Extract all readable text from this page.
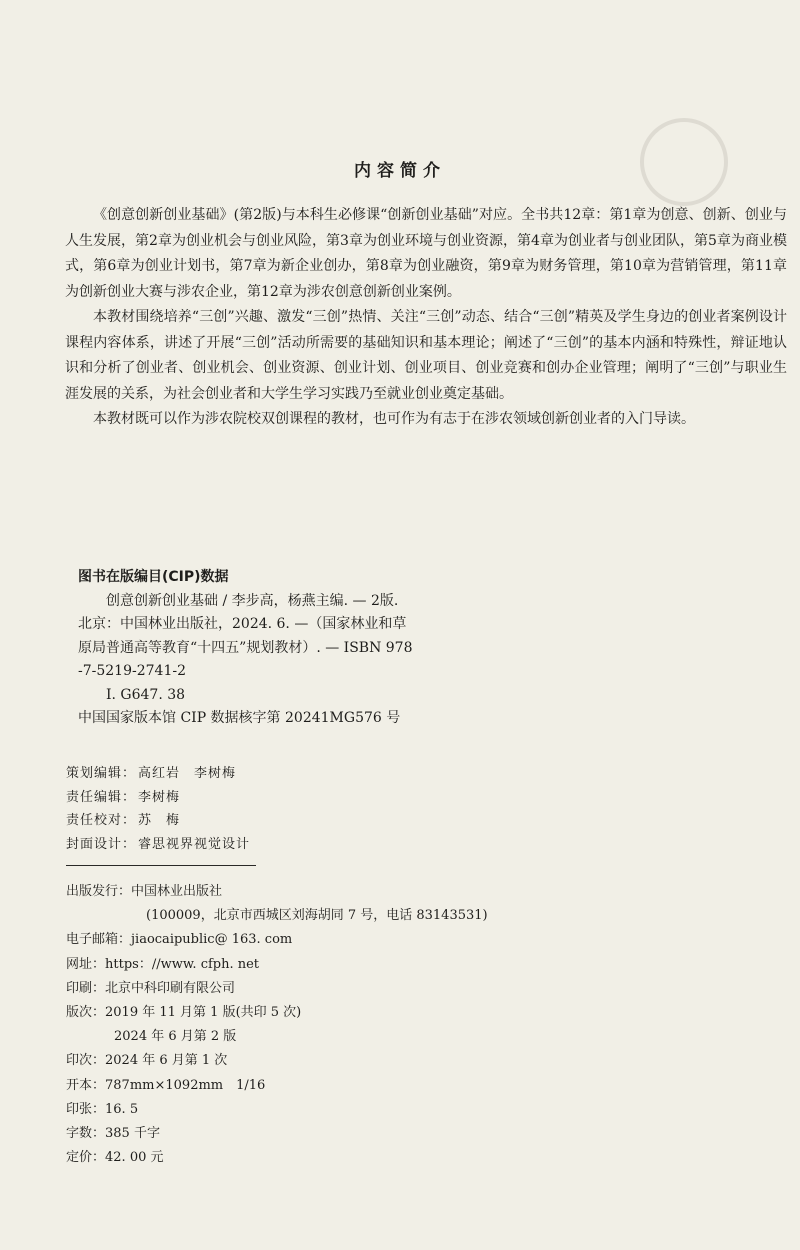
内容简介

《创意创新创业基础》(第2版)与本科生必修课“创新创业基础”对应。全书共12章：第1章为创意、创新、创业与人生发展，第2章为创业机会与创业风险，第3章为创业环境与创业资源，第4章为创业者与创业团队，第5章为商业模式，第6章为创业计划书，第7章为新企业创办，第8章为创业融资，第9章为财务管理，第10章为营销管理，第11章为创新创业大赛与涉农企业，第12章为涉农创意创新创业案例。

本教材围绕培养“三创”兴趣、激发“三创”热情、关注“三创”动态、结合“三创”精英及学生身边的创业者案例设计课程内容体系，讲述了开展“三创”活动所需要的基础知识和基本理论；阐述了“三创”的基本内涵和特殊性，辩证地认识和分析了创业者、创业机会、创业资源、创业计划、创业项目、创业竞赛和创办企业管理；阐明了“三创”与职业生涯发展的关系，为社会创业者和大学生学习实践乃至就业创业奠定基础。

本教材既可以作为涉农院校双创课程的教材，也可作为有志于在涉农领域创新创业者的入门导读。

图书在版编目(CIP)数据
创意创新创业基础 / 李步高，杨燕主编. — 2版.
北京：中国林业出版社，2024. 6. —（国家林业和草
原局普通高等教育“十四五”规划教材）. — ISBN 978
-7-5219-2741-2
Ⅰ. G647. 38
中国国家版本馆 CIP 数据核字第 20241MG576 号
策划编辑： 高红岩　李树梅
责任编辑： 李树梅
责任校对： 苏　梅
封面设计： 睿思视界视觉设计
出版发行： 中国林业出版社
(100009，北京市西城区刘海胡同 7 号，电话 83143531)
电子邮箱： jiaocaipublic@ 163. com
网址： https：//www. cfph. net
印刷： 北京中科印刷有限公司
版次： 2019 年 11 月第 1 版(共印 5 次)
2024 年 6 月第 2 版
印次： 2024 年 6 月第 1 次
开本： 787mm×1092mm　1/16
印张： 16. 5
字数： 385 千字
定价： 42. 00 元
